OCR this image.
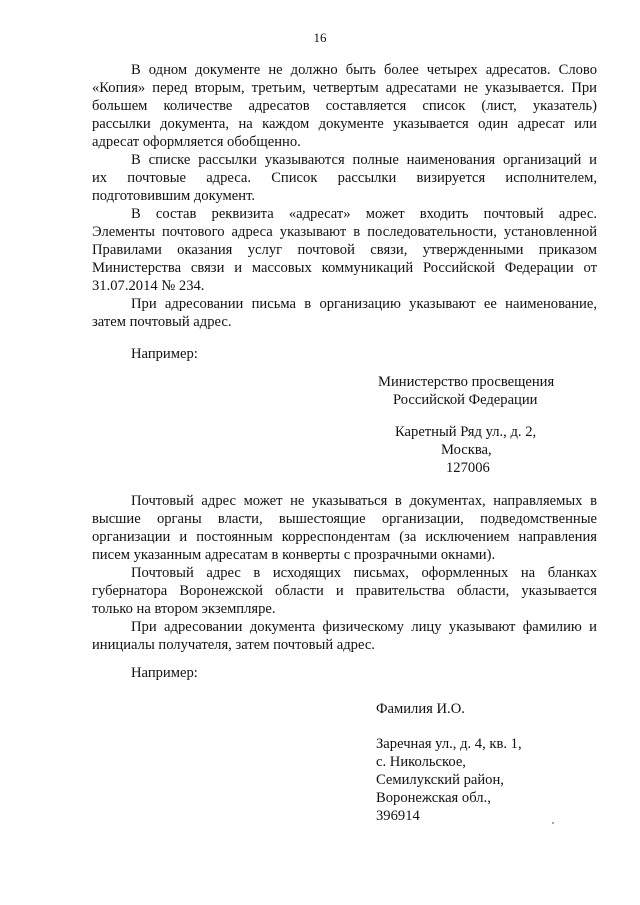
16
В одном документе не должно быть более четырех адресатов. Слово
«Копия» перед вторым, третьим, четвертым адресатами не указывается. При
большем количестве адресатов составляется список (лист, указатель)
рассылки документа, на каждом документе указывается один адресат или
адресат оформляется обобщенно.
В списке рассылки указываются полные наименования организаций и
их почтовые адреса. Список рассылки визируется исполнителем,
подготовившим документ.
В состав реквизита «адресат» может входить почтовый адрес.
Элементы почтового адреса указывают в последовательности, установленной
Правилами оказания услуг почтовой связи, утвержденными приказом
Министерства связи и массовых коммуникаций Российской Федерации от
31.07.2014 № 234.
При адресовании письма в организацию указывают ее наименование,
затем почтовый адрес.
Например:
Министерство просвещения
Российской Федерации
Каретный Ряд ул., д. 2,
Москва,
127006
Почтовый адрес может не указываться в документах, направляемых в
высшие органы власти, вышестоящие организации, подведомственные
организации и постоянным корреспондентам (за исключением направления
писем указанным адресатам в конверты с прозрачными окнами).
Почтовый адрес в исходящих письмах, оформленных на бланках
губернатора Воронежской области и правительства области, указывается
только на втором экземпляре.
При адресовании документа физическому лицу указывают фамилию и
инициалы получателя, затем почтовый адрес.
Например:
Фамилия И.О.
Заречная ул., д. 4, кв. 1,
с. Никольское,
Семилукский район,
Воронежская обл.,
396914
